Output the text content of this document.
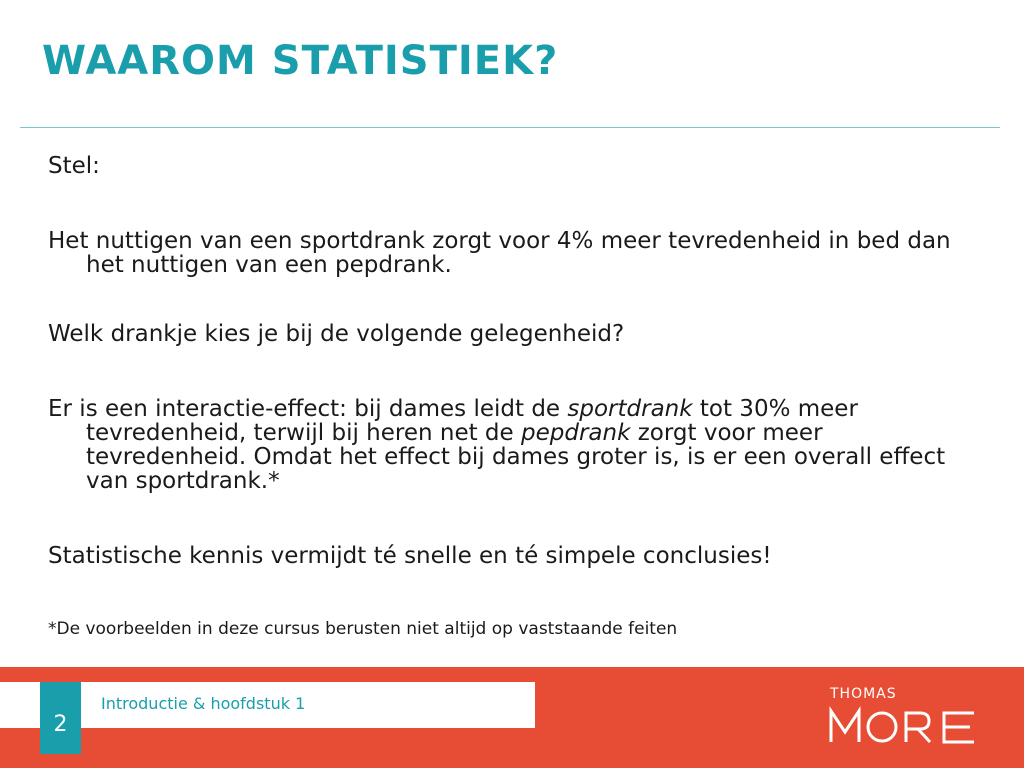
WAAROM STATISTIEK?

Stel:

Het nuttigen van een sportdrank zorgt voor 4% meer tevredenheid in bed dan het nuttigen van een pepdrank.

Welk drankje kies je bij de volgende gelegenheid?

Er is een interactie-effect: bij dames leidt de sportdrank tot 30% meer tevredenheid, terwijl bij heren net de pepdrank zorgt voor meer tevredenheid. Omdat het effect bij dames groter is, is er een overall effect van sportdrank.*

Statistische kennis vermijdt té snelle en té simpele conclusies!

*De voorbeelden in deze cursus berusten niet altijd op vaststaande feiten

Introductie & hoofdstuk 1
2
THOMAS
